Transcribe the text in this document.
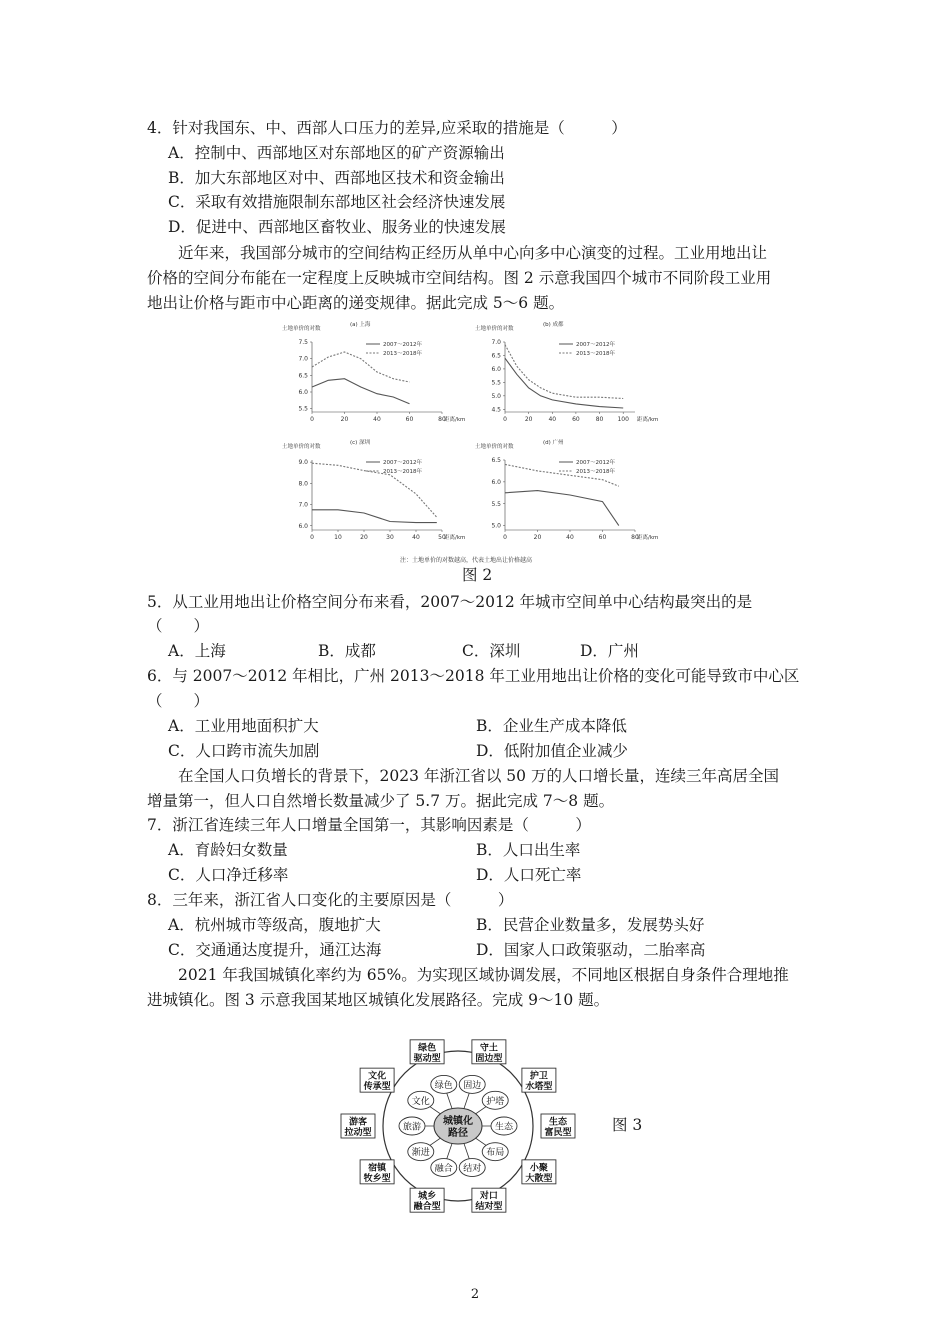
4．针对我国东、中、西部人口压力的差异,应采取的措施是（　　　）
A．控制中、西部地区对东部地区的矿产资源输出
B．加大东部地区对中、西部地区技术和资金输出
C．采取有效措施限制东部地区社会经济快速发展
D．促进中、西部地区畜牧业、服务业的快速发展
近年来，我国部分城市的空间结构正经历从单中心向多中心演变的过程。工业用地出让
价格的空间分布能在一定程度上反映城市空间结构。图 2 示意我国四个城市不同阶段工业用
地出让价格与距市中心距离的递变规律。据此完成 5～6 题。
土地单价的对数
(a) 上海
5.5
6.0
6.5
7.0
7.5
0	20	40	60	80
距离/km
2007～2012年
2013～2018年
土地单价的对数
(b) 成都
4.5
5.0
5.5
6.0
6.5
7.0
0	20	40	60	80 100 距离/km
2007～2012年
2013～2018年
土地单价的对数
(c) 深圳
6.0
7.0
8.0
9.0
0	10	20	30	40	50
距离/km
2007～2012年
2013～2018年
土地单价的对数
(d) 广州
5.0
5.5
6.0
6.5
0	20	40	60	80
距离/km
2007～2012年
2013～2018年
注：土地单价的对数越高，代表土地出让价格越高
图 2
5．从工业用地出让价格空间分布来看，2007～2012 年城市空间单中心结构最突出的是
（　　）
A．上海	B．成都	C．深圳	D．广州
6．与 2007～2012 年相比，广州 2013～2018 年工业用地出让价格的变化可能导致市中心区
（　　）
A．工业用地面积扩大	B．企业生产成本降低
C．人口跨市流失加剧	D．低附加值企业减少
在全国人口负增长的背景下，2023 年浙江省以 50 万的人口增长量，连续三年高居全国
增量第一，但人口自然增长数量减少了 5.7 万。据此完成 7～8 题。
7．浙江省连续三年人口增量全国第一，其影响因素是（　　　）
A．育龄妇女数量	B．人口出生率
C．人口净迁移率	D．人口死亡率
8．三年来，浙江省人口变化的主要原因是（　　　）
A．杭州城市等级高，腹地扩大	B．民营企业数量多，发展势头好
C．交通通达度提升，通江达海	D．国家人口政策驱动，二胎率高
2021 年我国城镇化率约为 65%。为实现区域协调发展，不同地区根据自身条件合理地推
进城镇化。图 3 示意我国某地区城镇化发展路径。完成 9～10 题。
城镇化
路径
固边
护塔
生态
布局
结对
融合
渐进
旅游
文化
绿色
守土
固边型
护卫
水塔型
生态
富民型
小聚
大散型
对口
结对型
城乡
融合型
宿镇
牧乡型
游客
拉动型
文化
传承型
绿色
驱动型
图 3
2
